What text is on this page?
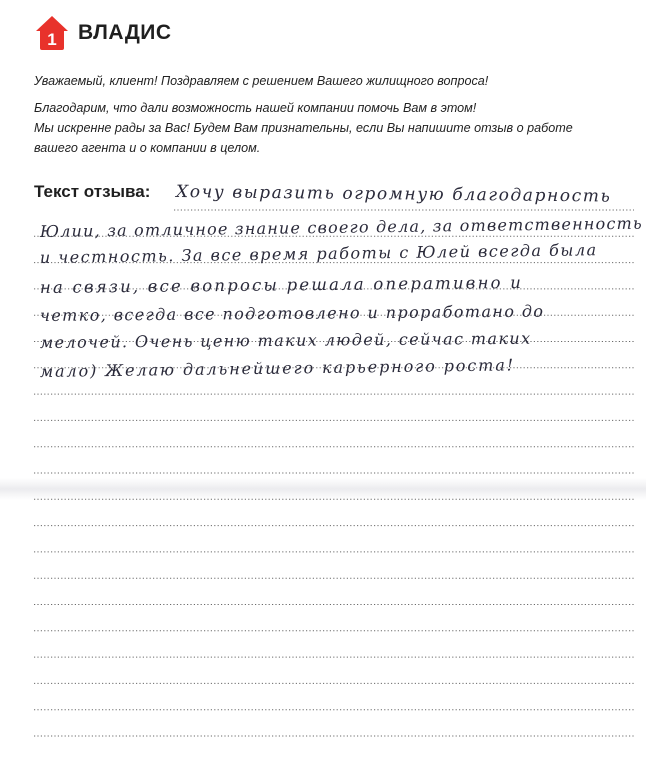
1 ВЛАДИС
Уважаемый, клиент! Поздравляем с решением Вашего жилищного вопроса!
Благодарим, что дали возможность нашей компании помочь Вам в этом!
Мы искренне рады за Вас! Будем Вам признательны, если Вы напишите отзыв о работе
вашего агента и о компании в целом.
Текст отзыва: Хочу выразить огромную благодарность
Юлии, за отличное знание своего дела, за ответственность
и честность. За все время работы с Юлей всегда была
на связи, все вопросы решала оперативно и
четко, всегда все подготовлено и проработано до
мелочей. Очень ценю таких людей, сейчас таких
мало) Желаю дальнейшего карьерного роста!
